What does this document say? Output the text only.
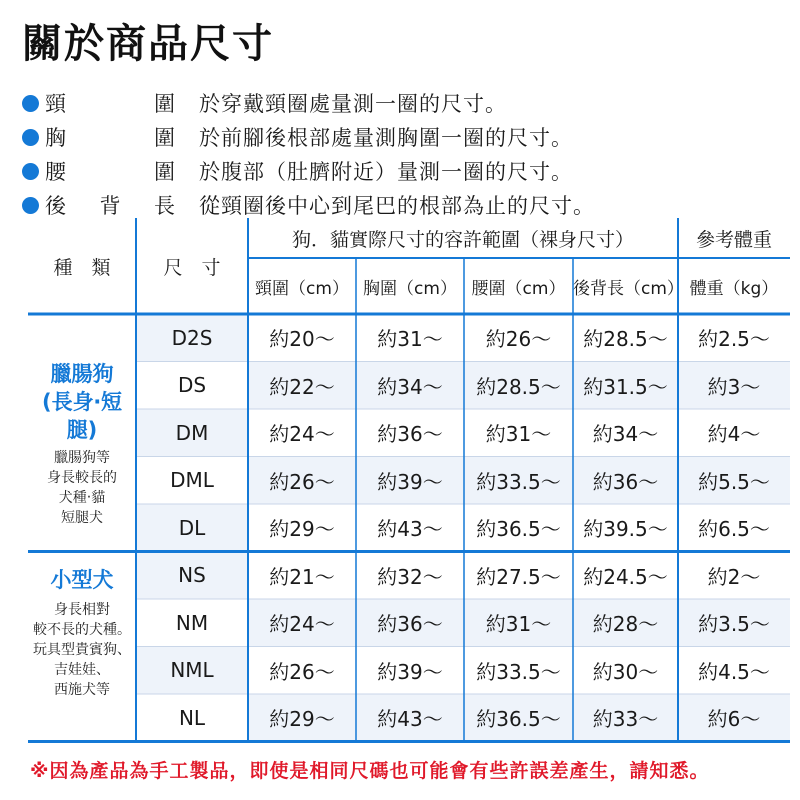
關於商品尺寸
頸	圍 於穿戴頸圈處量測一圈的尺寸。
胸	圍 於前腳後根部處量測胸圍一圈的尺寸。
腰	圍 於腹部（肚臍附近）量測一圈的尺寸。
後 背 長 從頸圈後中心到尾巴的根部為止的尺寸。
種　類	尺　寸
狗．貓實際尺寸的容許範圍（裸身尺寸）	參考體重
頸圍（cm） 胸圍（cm） 腰圍（cm） 後背長（cm） 體重（kg）
臘腸狗
(長身‧短腿)
臘腸狗等
身長較長的
犬種‧貓
短腿犬
小型犬
身長相對
較不長的犬種。
玩具型貴賓狗、
吉娃娃、
西施犬等
D2S	約20～	約31～	約26～	約28.5～	約2.5～
DS	約22～	約34～	約28.5～	約31.5～	約3～
DM	約24～	約36～	約31～	約34～	約4～
DML	約26～	約39～	約33.5～	約36～	約5.5～
DL	約29～	約43～	約36.5～	約39.5～	約6.5～
NS	約21～	約32～	約27.5～	約24.5～	約2～
NM	約24～	約36～	約31～	約28～	約3.5～
NML	約26～	約39～	約33.5～	約30～	約4.5～
NL	約29～	約43～	約36.5～	約33～	約6～
※因為產品為手工製品，即使是相同尺碼也可能會有些許誤差產生，請知悉。
